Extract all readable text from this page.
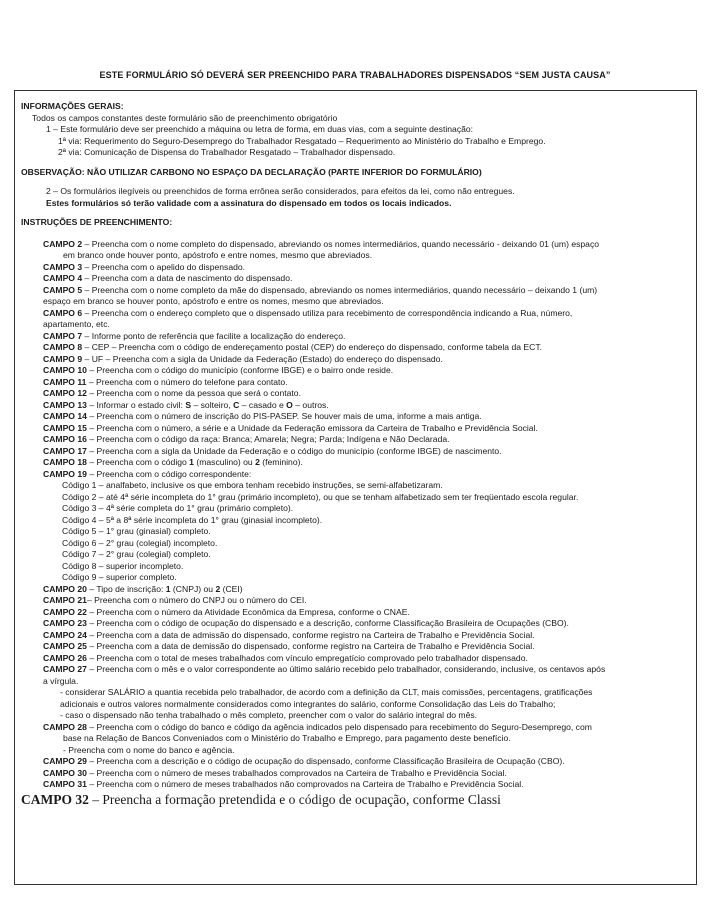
ESTE FORMULÁRIO SÓ DEVERÁ SER PREENCHIDO PARA TRABALHADORES DISPENSADOS “SEM JUSTA CAUSA”
INFORMAÇÕES GERAIS:
Todos os campos constantes deste formulário são de preenchimento obrigatório
1 – Este formulário deve ser preenchido a máquina ou letra de forma, em duas vias, com a seguinte destinação:
1ª via: Requerimento do Seguro-Desemprego do Trabalhador Resgatado – Requerimento ao Ministério do Trabalho e Emprego.
2ª via: Comunicação de Dispensa do Trabalhador Resgatado – Trabalhador dispensado.
OBSERVAÇÃO: NÃO UTILIZAR CARBONO NO ESPAÇO DA DECLARAÇÃO (PARTE INFERIOR DO FORMULÁRIO)
2 – Os formulários ilegíveis ou preenchidos de forma errônea serão considerados, para efeitos da lei, como não entregues.
Estes formulários só terão validade com a assinatura do dispensado em todos os locais indicados.
INSTRUÇÕES DE PREENCHIMENTO:
CAMPO 2 – Preencha com o nome completo do dispensado, abreviando os nomes intermediários, quando necessário - deixando 01 (um) espaço
em branco onde houver ponto, apóstrofo e entre nomes, mesmo que abreviados.
CAMPO 3 – Preencha com o apelido do dispensado.
CAMPO 4 – Preencha com a data de nascimento do dispensado.
CAMPO 5 – Preencha com o nome completo da mãe do dispensado, abreviando os nomes intermediários, quando necessário – deixando 1 (um)
espaço em branco se houver ponto, apóstrofo e entre os nomes, mesmo que abreviados.
CAMPO 6 – Preencha com o endereço completo que o dispensado utiliza para recebimento de correspondência indicando a Rua, número,
apartamento, etc.
CAMPO 7 – Informe ponto de referência que facilite a localização do endereço.
CAMPO 8 – CEP – Preencha com o código de endereçamento postal (CEP) do endereço do dispensado, conforme tabela da ECT.
CAMPO 9 – UF – Preencha com a sigla da Unidade da Federação (Estado) do endereço do dispensado.
CAMPO 10 – Preencha com o código do município (conforme IBGE) e o bairro onde reside.
CAMPO 11 – Preencha com o número do telefone para contato.
CAMPO 12 – Preencha com o nome da pessoa que será o contato.
CAMPO 13 – Informar o estado civil: S – solteiro, C – casado e O – outros.
CAMPO 14 – Preencha com o número de inscrição do PIS-PASEP. Se houver mais de uma, informe a mais antiga.
CAMPO 15 – Preencha com o número, a série e a Unidade da Federação emissora da Carteira de Trabalho e Previdência Social.
CAMPO 16 – Preencha com o código da raça: Branca; Amarela; Negra; Parda; Indígena e Não Declarada.
CAMPO 17 – Preencha com a sigla da Unidade da Federação e o código do município (conforme IBGE) de nascimento.
CAMPO 18 – Preencha com o código 1 (masculino) ou 2 (feminino).
CAMPO 19 – Preencha com o código correspondente:
Código 1 – analfabeto, inclusive os que embora tenham recebido instruções, se semi-alfabetizaram.
Código 2 – até 4ª série incompleta do 1° grau (primário incompleto), ou que se tenham alfabetizado sem ter freqüentado escola regular.
Código 3 – 4ª série completa do 1° grau (primário completo).
Código 4 – 5ª a 8ª série incompleta do 1° grau (ginasial incompleto).
Código 5 – 1° grau (ginasial) completo.
Código 6 – 2° grau (colegial) incompleto.
Código 7 – 2° grau (colegial) completo.
Código 8 – superior incompleto.
Código 9 – superior completo.
CAMPO 20 – Tipo de inscrição: 1 (CNPJ) ou 2 (CEI)
CAMPO 21– Preencha com o número do CNPJ ou o número do CEI.
CAMPO 22 – Preencha com o número da Atividade Econômica da Empresa, conforme o CNAE.
CAMPO 23 – Preencha com o código de ocupação do dispensado e a descrição, conforme Classificação Brasileira de Ocupações (CBO).
CAMPO 24 – Preencha com a data de admissão do dispensado, conforme registro na Carteira de Trabalho e Previdência Social.
CAMPO 25 – Preencha com a data de demissão do dispensado, conforme registro na Carteira de Trabalho e Previdência Social.
CAMPO 26 – Preencha com o total de meses trabalhados com vínculo empregatício comprovado pelo trabalhador dispensado.
CAMPO 27 – Preencha com o mês e o valor correspondente ao último salário recebido pelo trabalhador, considerando, inclusive, os centavos após
a vírgula.
- considerar SALÁRIO a quantia recebida pelo trabalhador, de acordo com a definição da CLT, mais comissões, percentagens, gratificações
adicionais e outros valores normalmente considerados como integrantes do salário, conforme Consolidação das Leis do Trabalho;
- caso o dispensado não tenha trabalhado o mês completo, preencher com o valor do salário integral do mês.
CAMPO 28 – Preencha com o código do banco e código da agência indicados pelo dispensado para recebimento do Seguro-Desemprego, com
base na Relação de Bancos Conveniados com o Ministério do Trabalho e Emprego, para pagamento deste benefício.
- Preencha com o nome do banco e agência.
CAMPO 29 – Preencha com a descrição e o código de ocupação do dispensado, conforme Classificação Brasileira de Ocupação (CBO).
CAMPO 30 – Preencha com o número de meses trabalhados comprovados na Carteira de Trabalho e Previdência Social.
CAMPO 31 – Preencha com o número de meses trabalhados não comprovados na Carteira de Trabalho e Previdência Social.
CAMPO 32 – Preencha a formação pretendida e o código de ocupação, conforme Classi
